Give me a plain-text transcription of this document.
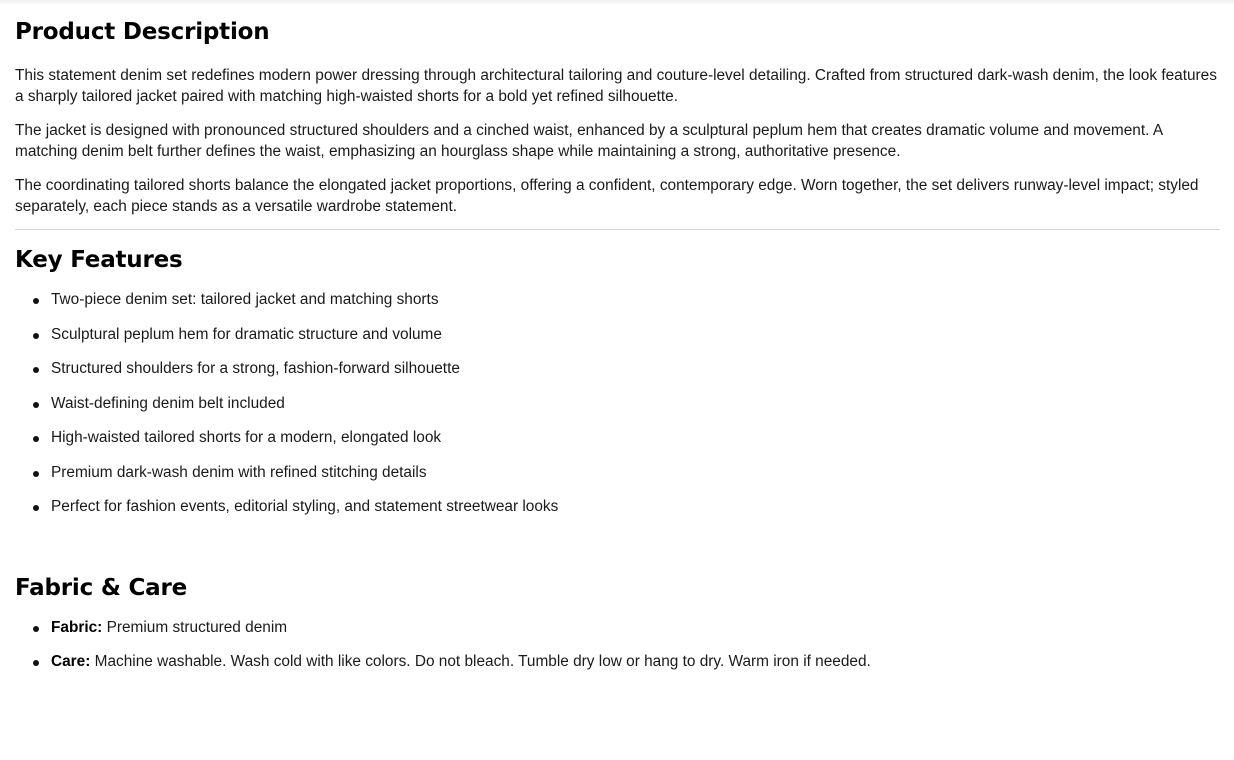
Product Description

This statement denim set redefines modern power dressing through architectural tailoring and couture-level detailing. Crafted from structured dark-wash denim, the look features a sharply tailored jacket paired with matching high-waisted shorts for a bold yet refined silhouette.

The jacket is designed with pronounced structured shoulders and a cinched waist, enhanced by a sculptural peplum hem that creates dramatic volume and movement. A matching denim belt further defines the waist, emphasizing an hourglass shape while maintaining a strong, authoritative presence.

The coordinating tailored shorts balance the elongated jacket proportions, offering a confident, contemporary edge. Worn together, the set delivers runway-level impact; styled separately, each piece stands as a versatile wardrobe statement.

Key Features
Two-piece denim set: tailored jacket and matching shorts
Sculptural peplum hem for dramatic structure and volume
Structured shoulders for a strong, fashion-forward silhouette
Waist-defining denim belt included
High-waisted tailored shorts for a modern, elongated look
Premium dark-wash denim with refined stitching details
Perfect for fashion events, editorial styling, and statement streetwear looks
Fabric & Care
Fabric: Premium structured denim
Care: Machine washable. Wash cold with like colors. Do not bleach. Tumble dry low or hang to dry. Warm iron if needed.
